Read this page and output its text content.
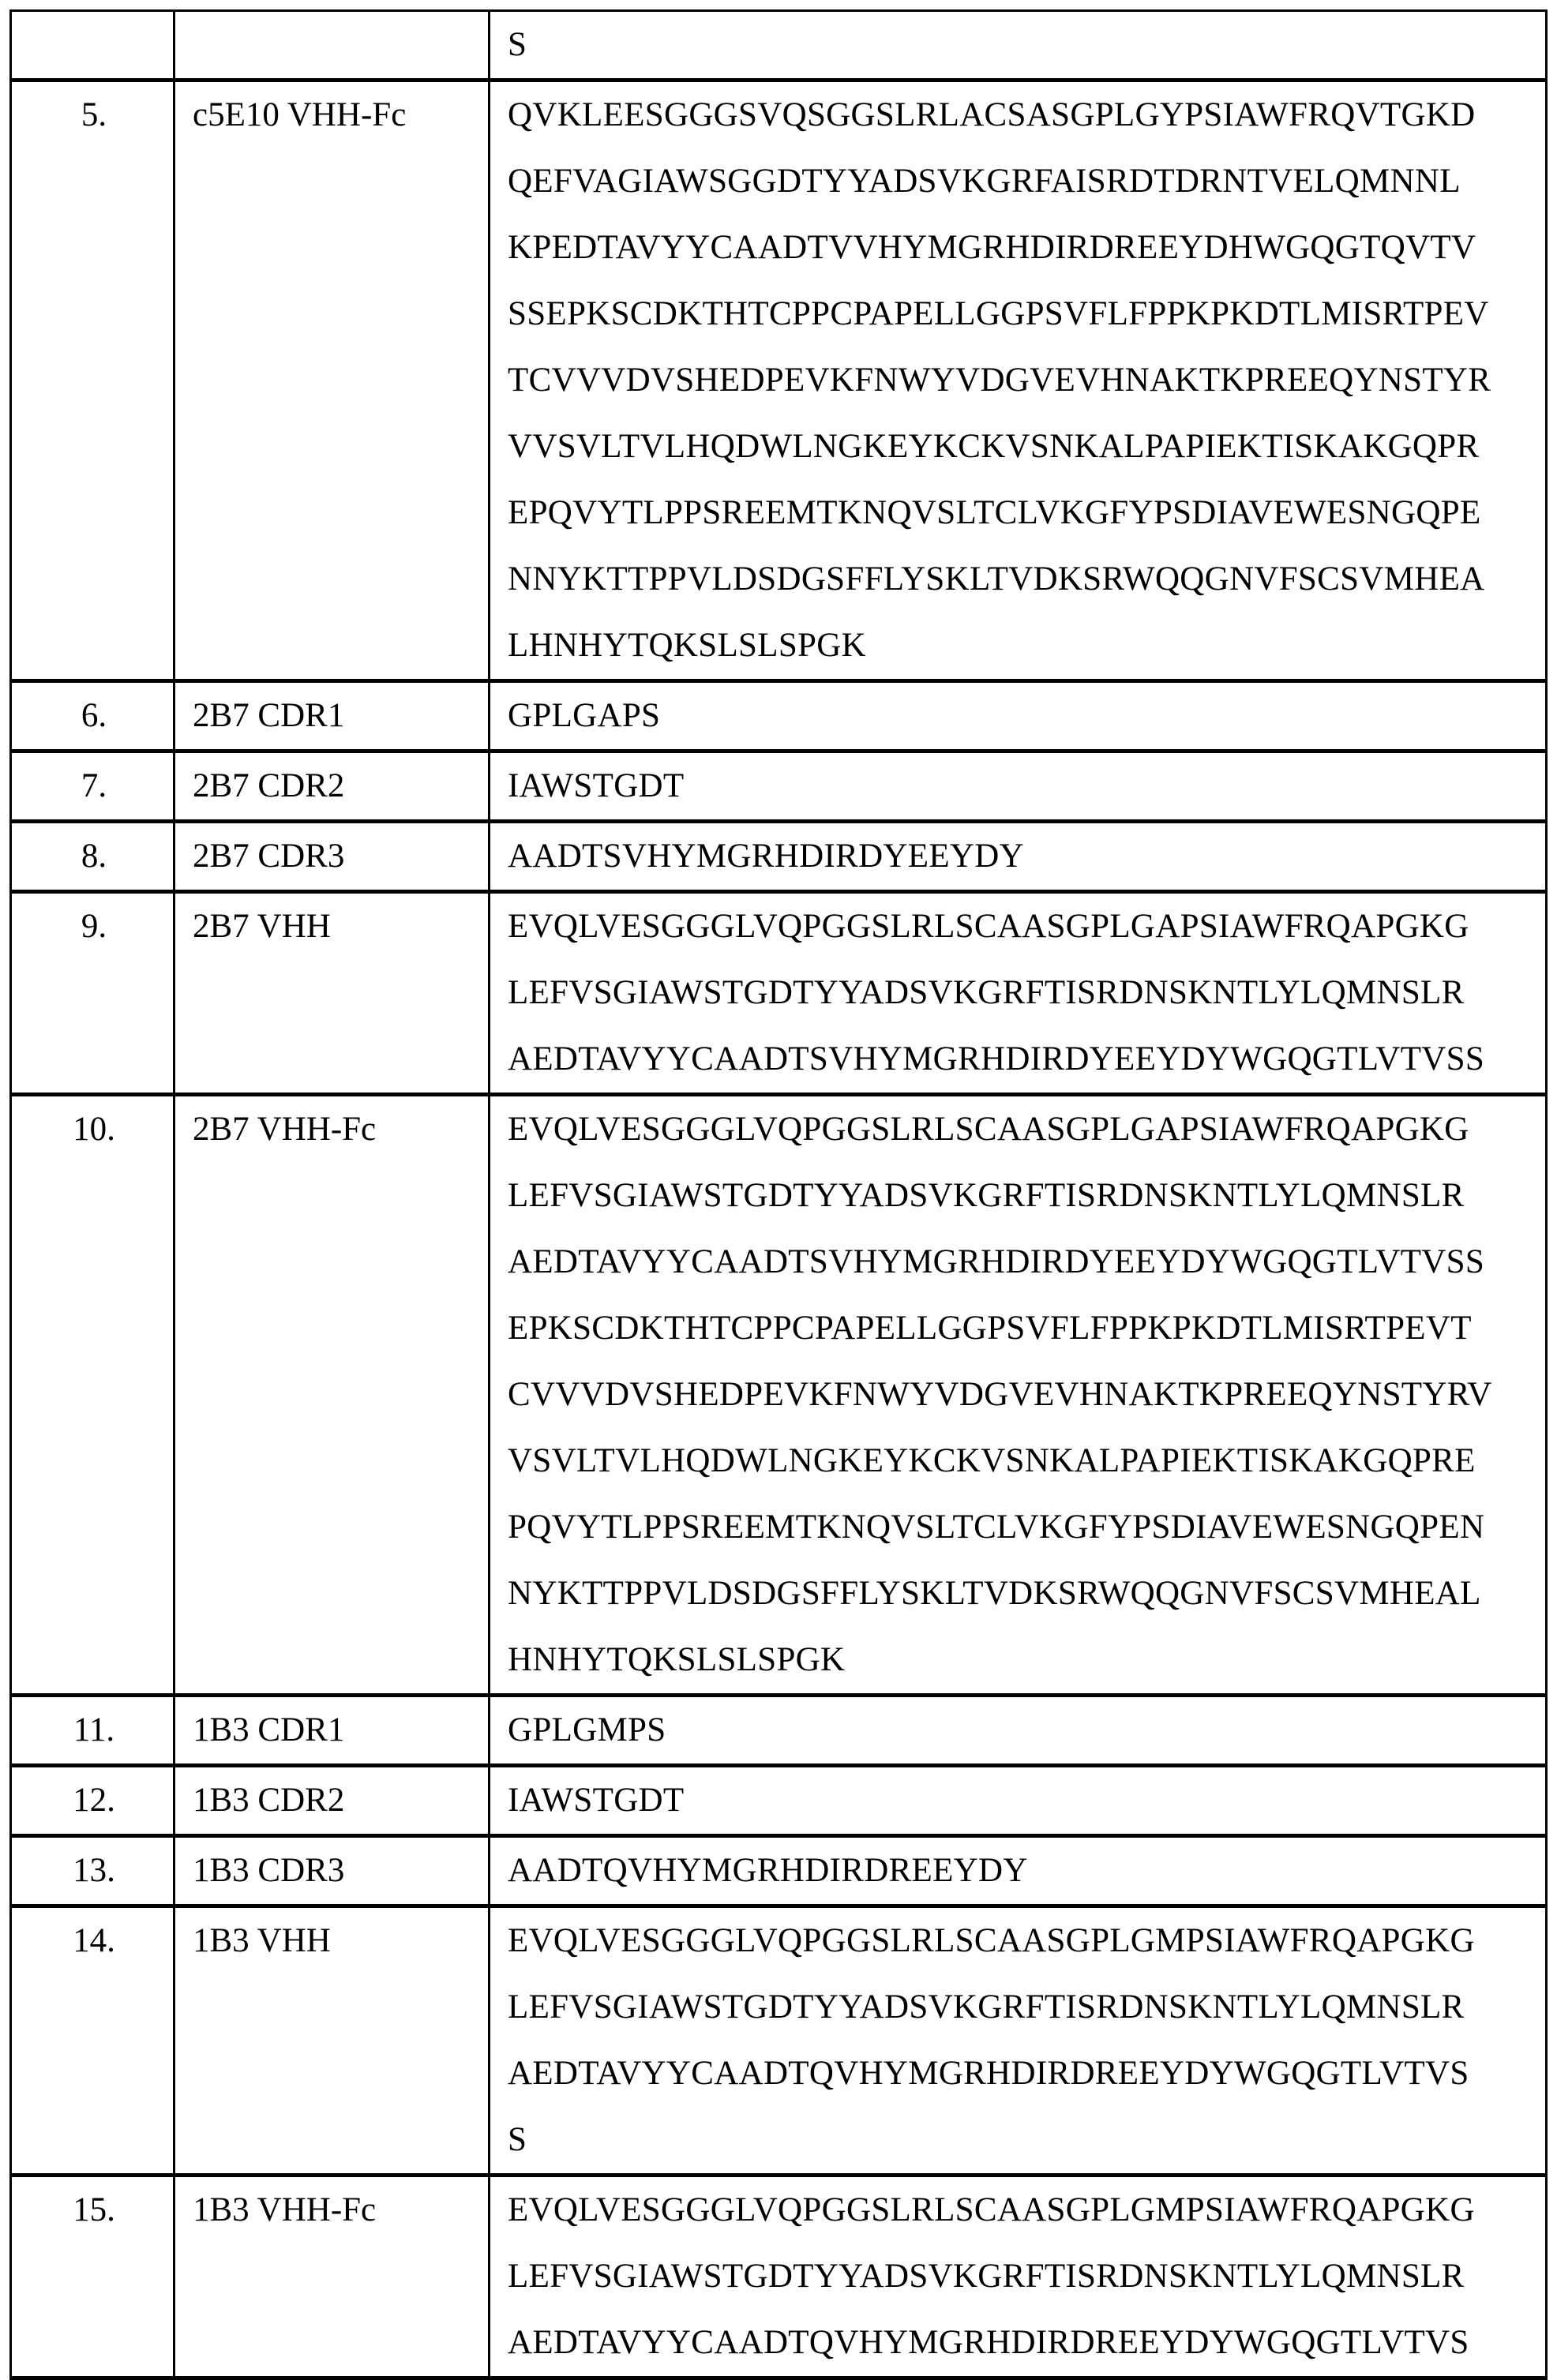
		S

5.	c5E10 VHH-Fc	QVKLEESGGGSVQSGGSLRLACSASGPLGYPSIAWFRQVTGKD
QEFVAGIAWSGGDTYYADSVKGRFAISRDTDRNTVELQMNNL
KPEDTAVYYCAADTVVHYMGRHDIRDREEYDHWGQGTQVTV
SSEPKSCDKTHTCPPCPAPELLGGPSVFLFPPKPKDTLMISRTPEV
TCVVVDVSHEDPEVKFNWYVDGVEVHNAKTKPREEQYNSTYR
VVSVLTVLHQDWLNGKEYKCKVSNKALPAPIEKTISKAKGQPR
EPQVYTLPPSREEMTKNQVSLTCLVKGFYPSDIAVEWESNGQPE
NNYKTTPPVLDSDGSFFLYSKLTVDKSRWQQGNVFSCSVMHEA
LHNHYTQKSLSLSPGK

6.	2B7 CDR1	GPLGAPS

7.	2B7 CDR2	IAWSTGDT

8.	2B7 CDR3	AADTSVHYMGRHDIRDYEEYDY

9.	2B7 VHH	EVQLVESGGGLVQPGGSLRLSCAASGPLGAPSIAWFRQAPGKG
LEFVSGIAWSTGDTYYADSVKGRFTISRDNSKNTLYLQMNSLR
AEDTAVYYCAADTSVHYMGRHDIRDYEEYDYWGQGTLVTVSS

10.	2B7 VHH-Fc	EVQLVESGGGLVQPGGSLRLSCAASGPLGAPSIAWFRQAPGKG
LEFVSGIAWSTGDTYYADSVKGRFTISRDNSKNTLYLQMNSLR
AEDTAVYYCAADTSVHYMGRHDIRDYEEYDYWGQGTLVTVSS
EPKSCDKTHTCPPCPAPELLGGPSVFLFPPKPKDTLMISRTPEVT
CVVVDVSHEDPEVKFNWYVDGVEVHNAKTKPREEQYNSTYRV
VSVLTVLHQDWLNGKEYKCKVSNKALPAPIEKTISKAKGQPRE
PQVYTLPPSREEMTKNQVSLTCLVKGFYPSDIAVEWESNGQPEN
NYKTTPPVLDSDGSFFLYSKLTVDKSRWQQGNVFSCSVMHEAL
HNHYTQKSLSLSPGK

11.	1B3 CDR1	GPLGMPS

12.	1B3 CDR2	IAWSTGDT

13.	1B3 CDR3	AADTQVHYMGRHDIRDREEYDY

14.	1B3 VHH	EVQLVESGGGLVQPGGSLRLSCAASGPLGMPSIAWFRQAPGKG
LEFVSGIAWSTGDTYYADSVKGRFTISRDNSKNTLYLQMNSLR
AEDTAVYYCAADTQVHYMGRHDIRDREEYDYWGQGTLVTVS
S

15.	1B3 VHH-Fc	EVQLVESGGGLVQPGGSLRLSCAASGPLGMPSIAWFRQAPGKG
LEFVSGIAWSTGDTYYADSVKGRFTISRDNSKNTLYLQMNSLR
AEDTAVYYCAADTQVHYMGRHDIRDREEYDYWGQGTLVTVS
